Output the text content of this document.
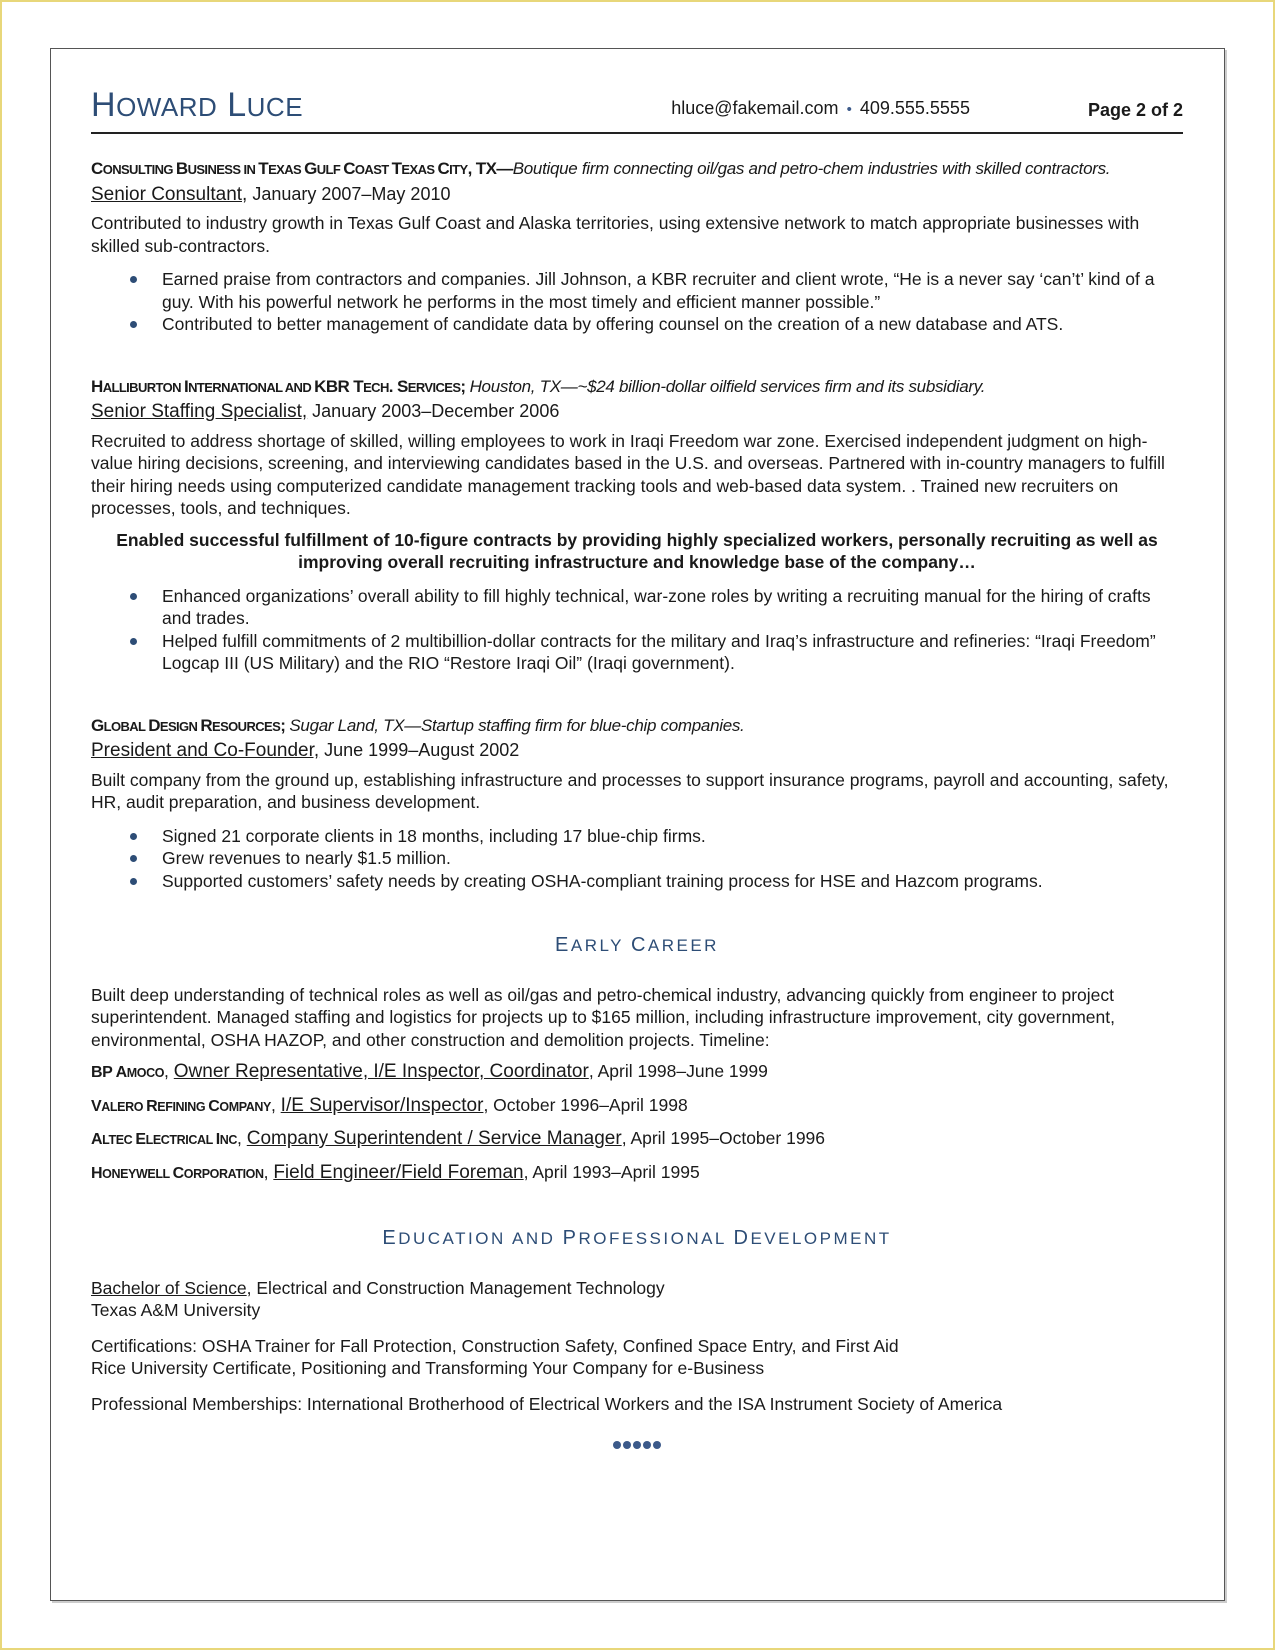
HOWARD LUCE	hluce@fakemail.com • 409.555.5555	Page 2 of 2
CONSULTING BUSINESS IN TEXAS GULF COAST TEXAS CITY, TX—Boutique firm connecting oil/gas and petro-chem industries with skilled contractors.
Senior Consultant, January 2007–May 2010

Contributed to industry growth in Texas Gulf Coast and Alaska territories, using extensive network to match appropriate businesses with skilled sub-contractors.

Earned praise from contractors and companies. Jill Johnson, a KBR recruiter and client wrote, “He is a never say ‘can’t’ kind of a guy. With his powerful network he performs in the most timely and efficient manner possible.”
Contributed to better management of candidate data by offering counsel on the creation of a new database and ATS.
HALLIBURTON INTERNATIONAL AND KBR TECH. SERVICES; Houston, TX—~$24 billion-dollar oilfield services firm and its subsidiary.
Senior Staffing Specialist, January 2003–December 2006

Recruited to address shortage of skilled, willing employees to work in Iraqi Freedom war zone. Exercised independent judgment on high-value hiring decisions, screening, and interviewing candidates based in the U.S. and overseas. Partnered with in-country managers to fulfill their hiring needs using computerized candidate management tracking tools and web-based data system. . Trained new recruiters on processes, tools, and techniques.

Enabled successful fulfillment of 10-figure contracts by providing highly specialized workers, personally recruiting as well as improving overall recruiting infrastructure and knowledge base of the company…
Enhanced organizations’ overall ability to fill highly technical, war-zone roles by writing a recruiting manual for the hiring of crafts and trades.
Helped fulfill commitments of 2 multibillion-dollar contracts for the military and Iraq’s infrastructure and refineries: “Iraqi Freedom” Logcap III (US Military) and the RIO “Restore Iraqi Oil” (Iraqi government).
GLOBAL DESIGN RESOURCES; Sugar Land, TX—Startup staffing firm for blue-chip companies.
President and Co-Founder, June 1999–August 2002

Built company from the ground up, establishing infrastructure and processes to support insurance programs, payroll and accounting, safety, HR, audit preparation, and business development.

Signed 21 corporate clients in 18 months, including 17 blue-chip firms.
Grew revenues to nearly $1.5 million.
Supported customers’ safety needs by creating OSHA-compliant training process for HSE and Hazcom programs.
EARLY CAREER

Built deep understanding of technical roles as well as oil/gas and petro-chemical industry, advancing quickly from engineer to project superintendent. Managed staffing and logistics for projects up to $165 million, including infrastructure improvement, city government, environmental, OSHA HAZOP, and other construction and demolition projects. Timeline:

BP AMOCO, Owner Representative, I/E Inspector, Coordinator, April 1998–June 1999
VALERO REFINING COMPANY, I/E Supervisor/Inspector, October 1996–April 1998
ALTEC ELECTRICAL INC, Company Superintendent / Service Manager, April 1995–October 1996
HONEYWELL CORPORATION, Field Engineer/Field Foreman, April 1993–April 1995
EDUCATION AND PROFESSIONAL DEVELOPMENT

Bachelor of Science, Electrical and Construction Management Technology

Texas A&M University

Certifications: OSHA Trainer for Fall Protection, Construction Safety, Confined Space Entry, and First Aid

Rice University Certificate, Positioning and Transforming Your Company for e-Business

Professional Memberships: International Brotherhood of Electrical Workers and the ISA Instrument Society of America
